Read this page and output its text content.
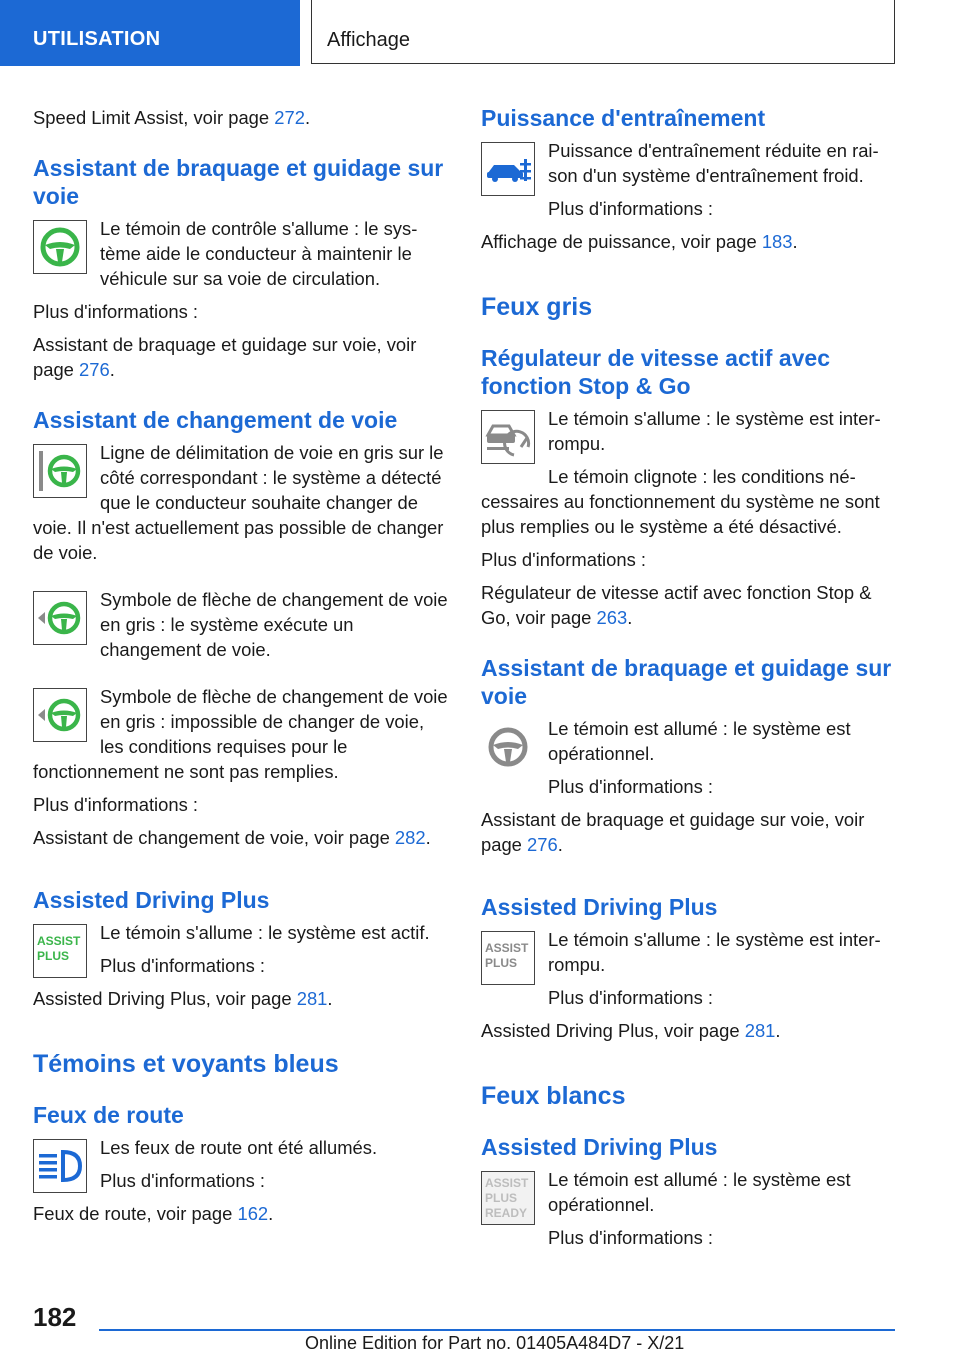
UTILISATION	Affichage

Speed Limit Assist, voir page 272.

Assistant de braquage et guidage sur voie

Le témoin de contrôle s'allume : le système aide le conducteur à maintenir le véhicule sur sa voie de circulation.

Plus d'informations :

Assistant de braquage et guidage sur voie, voir page 276.

Assistant de changement de voie

Ligne de délimitation de voie en gris sur le côté correspondant : le système a détecté que le conducteur souhaite changer de voie. Il n'est actuellement pas possible de changer de voie.

Symbole de flèche de changement de voie en gris : le système exécute un changement de voie.

Symbole de flèche de changement de voie en gris : impossible de changer de voie, les conditions requises pour le fonctionnement ne sont pas remplies.

Plus d'informations :

Assistant de changement de voie, voir page 282.

Assisted Driving Plus
ASSIST
PLUS

Le témoin s'allume : le système est actif.

Plus d'informations :

Assisted Driving Plus, voir page 281.

Témoins et voyants bleus
Feux de route

Les feux de route ont été allumés.

Plus d'informations :

Feux de route, voir page 162.

Puissance d'entraînement

Puissance d'entraînement réduite en raison d'un système d'entraînement froid.

Plus d'informations :

Affichage de puissance, voir page 183.

Feux gris
Régulateur de vitesse actif avec fonction Stop & Go

Le témoin s'allume : le système est interrompu.

Le témoin clignote : les conditions nécessaires au fonctionnement du système ne sont plus remplies ou le système a été désactivé.

Plus d'informations :

Régulateur de vitesse actif avec fonction Stop & Go, voir page 263.

Assistant de braquage et guidage sur voie

Le témoin est allumé : le système est opérationnel.

Plus d'informations :

Assistant de braquage et guidage sur voie, voir page 276.

Assisted Driving Plus
ASSIST
PLUS

Le témoin s'allume : le système est interrompu.

Plus d'informations :

Assisted Driving Plus, voir page 281.

Feux blancs
Assisted Driving Plus
ASSIST
PLUS
READY

Le témoin est allumé : le système est opérationnel.

Plus d'informations :

182
Online Edition for Part no. 01405A484D7 - X/21
